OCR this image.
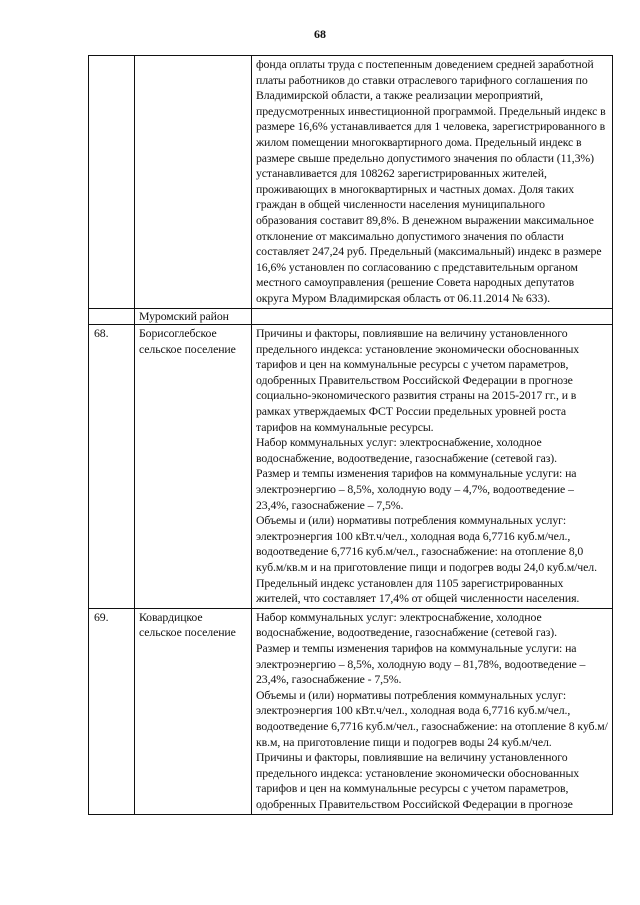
68

		фонда оплаты труда с постепенным доведением средней заработной платы работников до ставки отраслевого тарифного соглашения по Владимирской области, а также реализации мероприятий, предусмотренных инвестиционной программой. Предельный индекс в размере 16,6% устанавливается для 1 человека, зарегистрированного в жилом помещении многоквартирного дома. Предельный индекс в размере свыше предельно допустимого значения по области (11,3%) устанавливается для 108262 зарегистрированных жителей, проживающих в многоквартирных и частных домах. Доля таких граждан в общей численности населения муниципального образования составит 89,8%. В денежном выражении максимальное отклонение от максимально допустимого значения по области составляет 247,24 руб. Предельный (максимальный) индекс в размере 16,6% установлен по согласованию с представительным органом местного самоуправления (решение Совета народных депутатов округа Муром Владимирская область от 06.11.2014 № 633).

	Муромский район	
68.	Борисоглебское сельское поселение	Причины и факторы, повлиявшие на величину установленного предельного индекса: установление экономически обоснованных тарифов и цен на коммунальные ресурсы с учетом параметров, одобренных Правительством Российской Федерации в прогнозе социально-экономического развития страны на 2015-2017 гг., и в рамках утверждаемых ФСТ России предельных уровней роста тарифов на коммунальные ресурсы.

Набор коммунальных услуг: электроснабжение, холодное водоснабжение, водоотведение, газоснабжение (сетевой газ).

Размер и темпы изменения тарифов на коммунальные услуги: на электроэнергию – 8,5%, холодную воду – 4,7%, водоотведение – 23,4%, газоснабжение – 7,5%.

Объемы и (или) нормативы потребления коммунальных услуг: электроэнергия 100 кВт.ч/чел., холодная вода 6,7716 куб.м/чел., водоотведение 6,7716 куб.м/чел., газоснабжение: на отопление 8,0 куб.м/кв.м и на приготовление пищи и подогрев воды 24,0 куб.м/чел.

Предельный индекс установлен для 1105 зарегистрированных жителей, что составляет 17,4% от общей численности населения.

69.	Ковардицкое сельское поселение	Набор коммунальных услуг: электроснабжение, холодное водоснабжение, водоотведение, газоснабжение (сетевой газ).

Размер и темпы изменения тарифов на коммунальные услуги: на электроэнергию – 8,5%, холодную воду – 81,78%, водоотведение – 23,4%, газоснабжение - 7,5%.

Объемы и (или) нормативы потребления коммунальных услуг: электроэнергия 100 кВт.ч/чел., холодная вода 6,7716 куб.м/чел., водоотведение 6,7716 куб.м/чел., газоснабжение: на отопление 8 куб.м/кв.м, на приготовление пищи и подогрев воды 24 куб.м/чел.

Причины и факторы, повлиявшие на величину установленного предельного индекса: установление экономически обоснованных тарифов и цен на коммунальные ресурсы с учетом параметров, одобренных Правительством Российской Федерации в прогнозе
